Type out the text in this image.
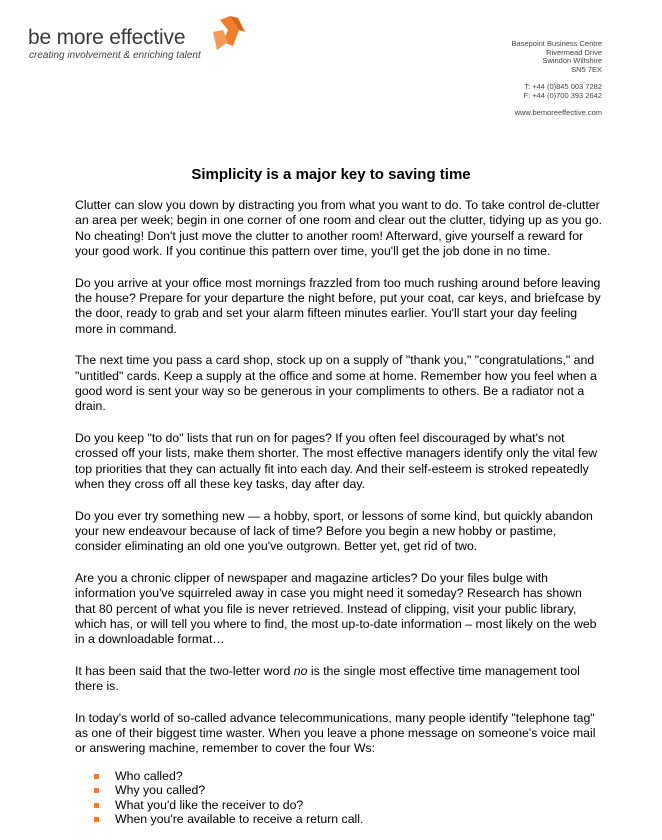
be more effective
creating involvement & enriching talent
Basepoint Business Centre
Rivermead Drive
Swindon Wiltshire
SN5 7EX
T: +44 (0)845 003 7282
F: +44 (0)700 393 2642
www.bemoreeffective.com
Simplicity is a major key to saving time

Clutter can slow you down by distracting you from what you want to do. To take control de-clutter an area per week; begin in one corner of one room and clear out the clutter, tidying up as you go. No cheating! Don't just move the clutter to another room! Afterward, give yourself a reward for your good work. If you continue this pattern over time, you'll get the job done in no time.

Do you arrive at your office most mornings frazzled from too much rushing around before leaving the house? Prepare for your departure the night before, put your coat, car keys, and briefcase by the door, ready to grab and set your alarm fifteen minutes earlier. You'll start your day feeling more in command.

The next time you pass a card shop, stock up on a supply of "thank you," "congratulations," and "untitled" cards. Keep a supply at the office and some at home. Remember how you feel when a good word is sent your way so be generous in your compliments to others. Be a radiator not a drain.

Do you keep "to do" lists that run on for pages? If you often feel discouraged by what's not crossed off your lists, make them shorter. The most effective managers identify only the vital few top priorities that they can actually fit into each day. And their self-esteem is stroked repeatedly when they cross off all these key tasks, day after day.

Do you ever try something new — a hobby, sport, or lessons of some kind, but quickly abandon your new endeavour because of lack of time? Before you begin a new hobby or pastime, consider eliminating an old one you've outgrown. Better yet, get rid of two.

Are you a chronic clipper of newspaper and magazine articles? Do your files bulge with information you've squirreled away in case you might need it someday? Research has shown that 80 percent of what you file is never retrieved. Instead of clipping, visit your public library, which has, or will tell you where to find, the most up-to-date information – most likely on the web in a downloadable format…

It has been said that the two-letter word no is the single most effective time management tool there is.

In today's world of so-called advance telecommunications, many people identify "telephone tag" as one of their biggest time waster. When you leave a phone message on someone's voice mail or answering machine, remember to cover the four Ws:

Who called?
Why you called?
What you'd like the receiver to do?
When you're available to receive a return call.
